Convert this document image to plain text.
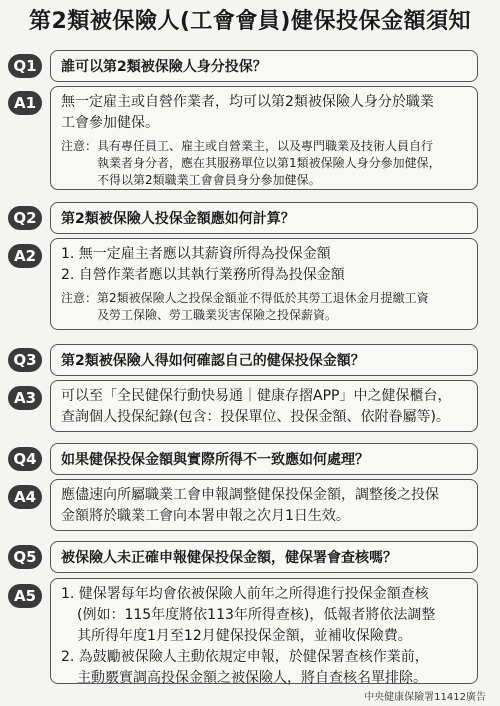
第2類被保險人(工會會員)健保投保金額須知
Q1	誰可以第2類被保險人身分投保？
A1	無一定雇主或自營作業者，均可以第2類被保險人身分於職業
工會參加健保。
注意： 具有專任員工、雇主或自營業主，以及專門職業及技術人員自行
執業者身分者，應在其服務單位以第1類被保險人身分參加健保，
不得以第2類職業工會會員身分參加健保。
Q2	第2類被保險人投保金額應如何計算？
A2	1. 無一定雇主者應以其薪資所得為投保金額
2. 自營作業者應以其執行業務所得為投保金額
注意： 第2類被保險人之投保金額並不得低於其勞工退休金月提繳工資
及勞工保險、勞工職業災害保險之投保薪資。
Q3	第2類被保險人得如何確認自己的健保投保金額？
A3	可以至「全民健保行動快易通｜健康存摺APP」中之健保櫃台，
查詢個人投保紀錄(包含：投保單位、投保金額、依附眷屬等)。
Q4	如果健保投保金額與實際所得不一致應如何處理？
A4	應儘速向所屬職業工會申報調整健保投保金額，調整後之投保
金額將於職業工會向本署申報之次月1日生效。
Q5	被保險人未正確申報健保投保金額，健保署會查核嗎？
A5	1. 健保署每年均會依被保險人前年之所得進行投保金額查核
(例如：115年度將依113年所得查核)，低報者將依法調整
其所得年度1月至12月健保投保金額，並補收保險費。
2. 為鼓勵被保險人主動依規定申報，於健保署查核作業前，
主動覈實調高投保金額之被保險人，將自查核名單排除。
中央健康保險署11412廣告
